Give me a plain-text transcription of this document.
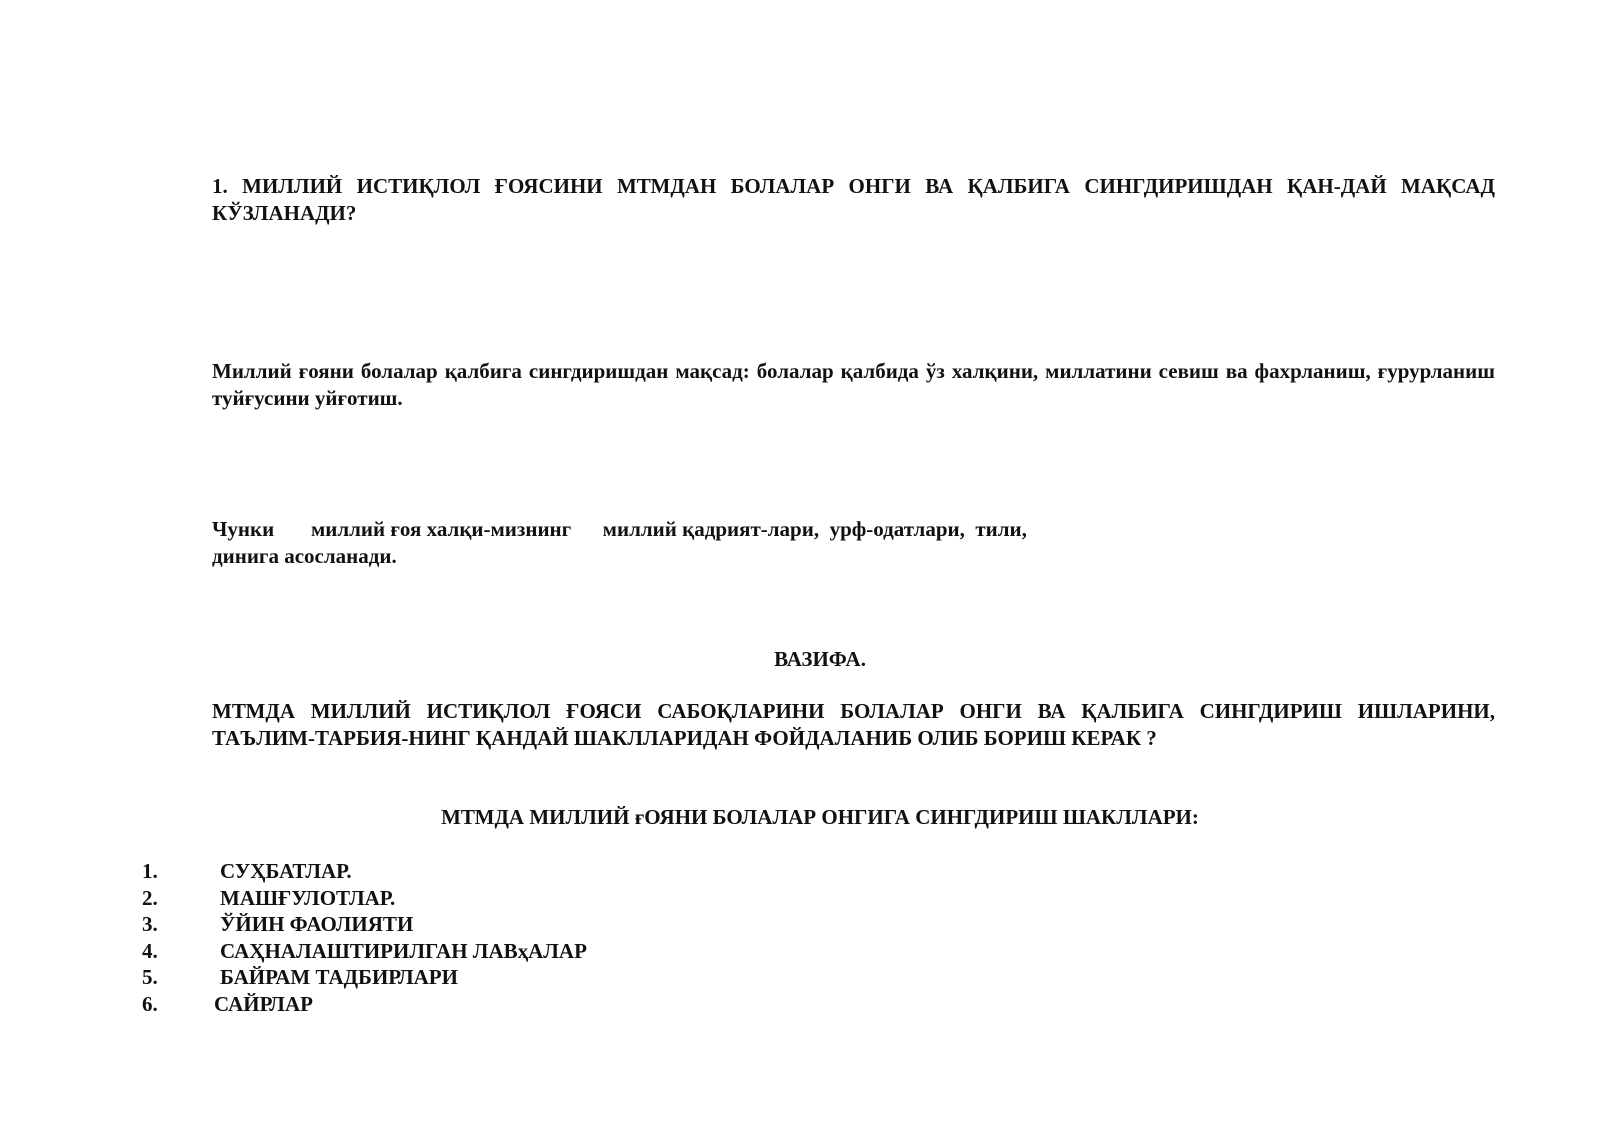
1. МИЛЛИЙ ИСТИҚЛОЛ ҒОЯСИНИ МТМДАН БОЛАЛАР ОНГИ ВА ҚАЛБИГА СИНГДИРИШДАН ҚАН-ДАЙ МАҚСАД КЎЗЛАНАДИ?
Миллий ғояни болалар қалбига сингдиришдан мақсад: болалар қалбида ўз халқини, миллатини севиш ва фахрланиш, ғурурланиш туйғусини уйғотиш.
Чунки       миллий ғоя халқи-мизнинг      миллий қадрият-лари,  урф-одатлари,  тили,
динига асосланади.
ВАЗИФА.
МТМДА МИЛЛИЙ ИСТИҚЛОЛ ҒОЯСИ САБОҚЛАРИНИ БОЛАЛАР ОНГИ ВА ҚАЛБИГА СИНГДИРИШ ИШЛАРИНИ, ТАЪЛИМ-ТАРБИЯ-НИНГ ҚАНДАЙ ШАКЛЛАРИДАН ФОЙДАЛАНИБ ОЛИБ БОРИШ КЕРАК ?
МТМДА МИЛЛИЙ ғОЯНИ БОЛАЛАР ОНГИГА СИНГДИРИШ ШАКЛЛАРИ:
1.	СУҲБАТЛАР.
2.	МАШҒУЛОТЛАР.
3.	ЎЙИН ФАОЛИЯТИ
4.	САҲНАЛАШТИРИЛГАН ЛАВҳАЛАР
5.	БАЙРАМ ТАДБИРЛАРИ
6.	САЙРЛАР
